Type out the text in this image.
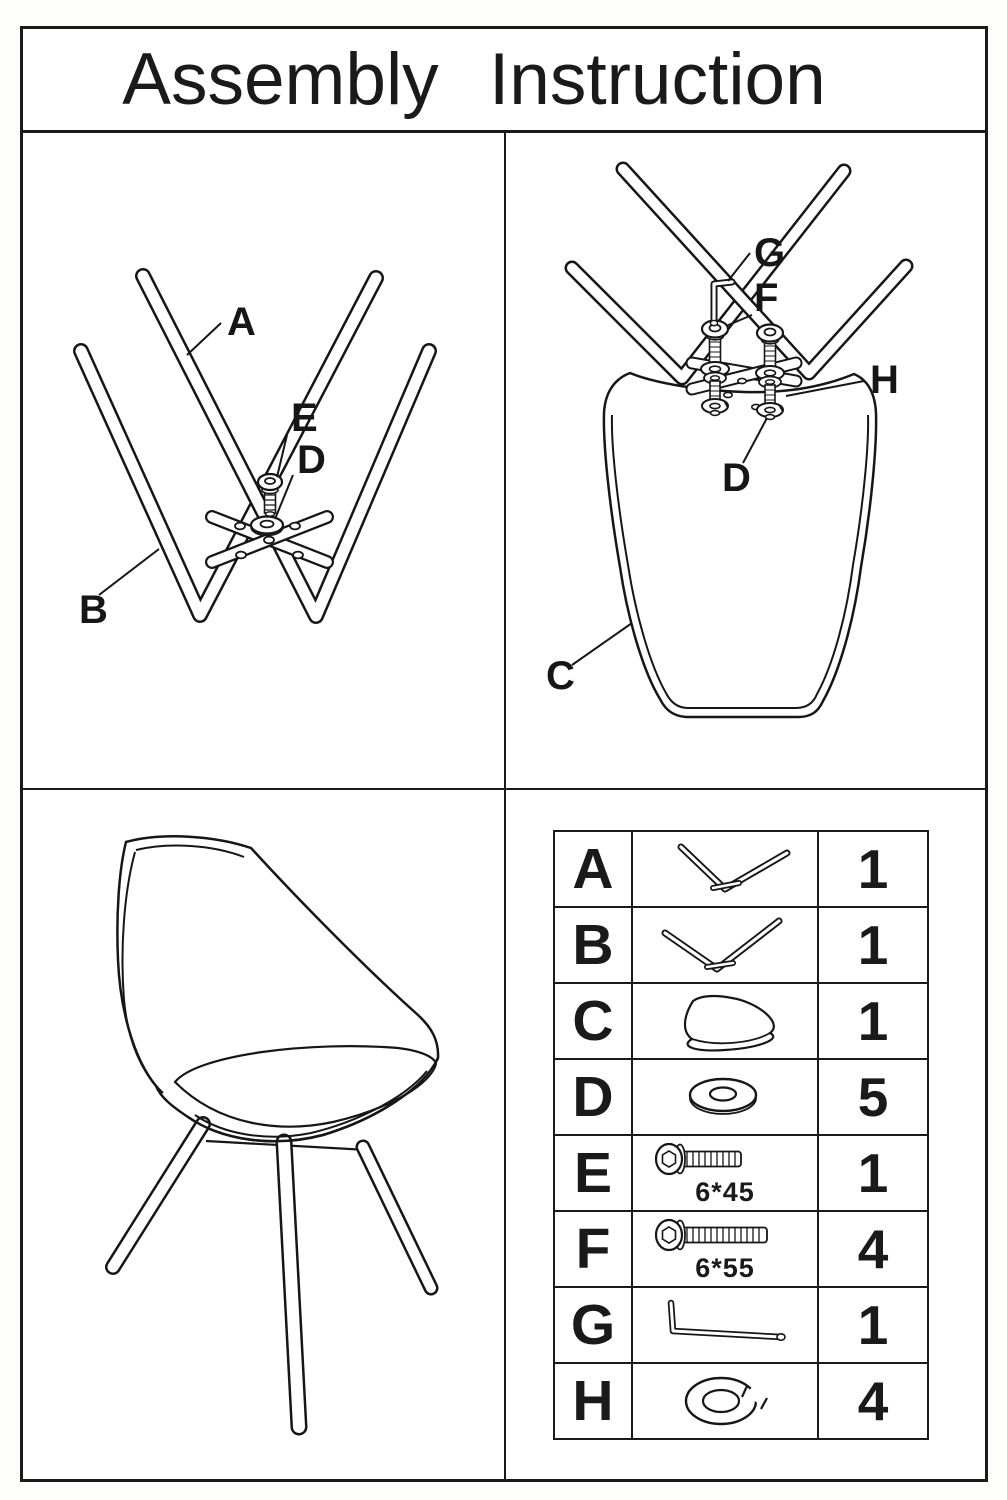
Assembly Instruction
A
E
D
B
G
F
H
D
C
A		1
B		1
C		1
D		5
E	6*45	1
F	6*55	4
G		1
H		4
